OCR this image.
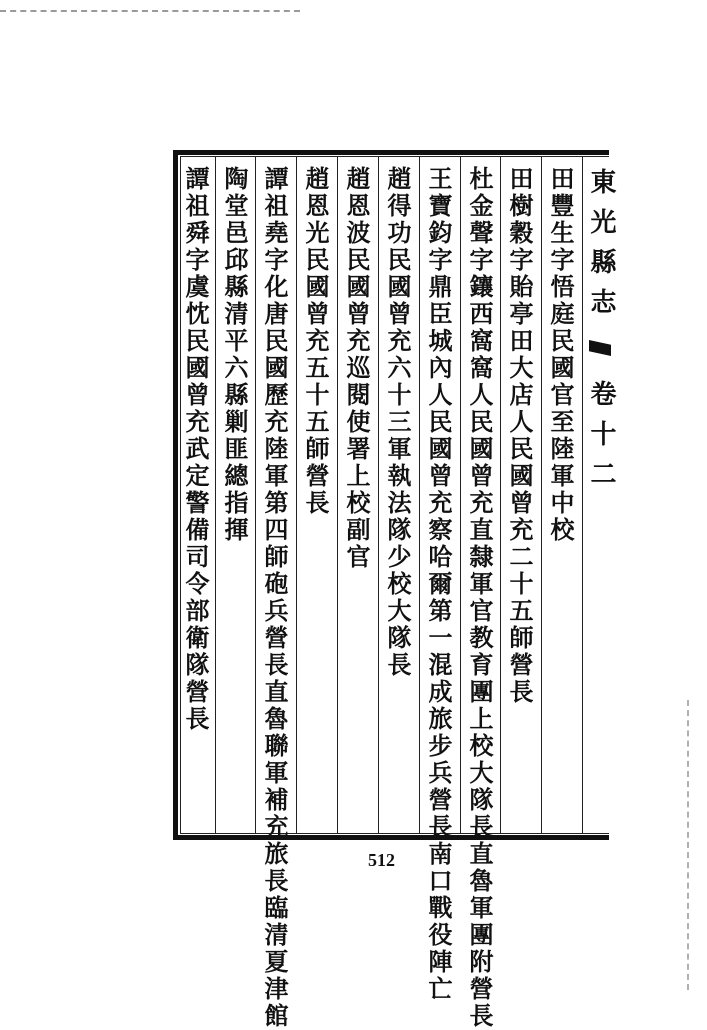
東光縣志
卷十二
田豐生字悟庭民國官至陸軍中校
田樹穀字貽亭田大店人民國曾充二十五師營長
杜金聲字鑲西窩窩人民國曾充直隸軍官教育團上校大隊長直魯軍團附營長
王寶鈞字鼎臣城內人民國曾充察哈爾第一混成旅步兵營長南口戰役陣亡
趙得功民國曾充六十三軍執法隊少校大隊長
趙恩波民國曾充巡閱使署上校副官
趙恩光民國曾充五十五師營長
譚祖堯字化唐民國歷充陸軍第四師砲兵營長直魯聯軍補充旅長臨清夏津館
陶堂邑邱縣清平六縣剿匪總指揮
譚祖舜字虞忱民國曾充武定警備司令部衛隊營長
512
